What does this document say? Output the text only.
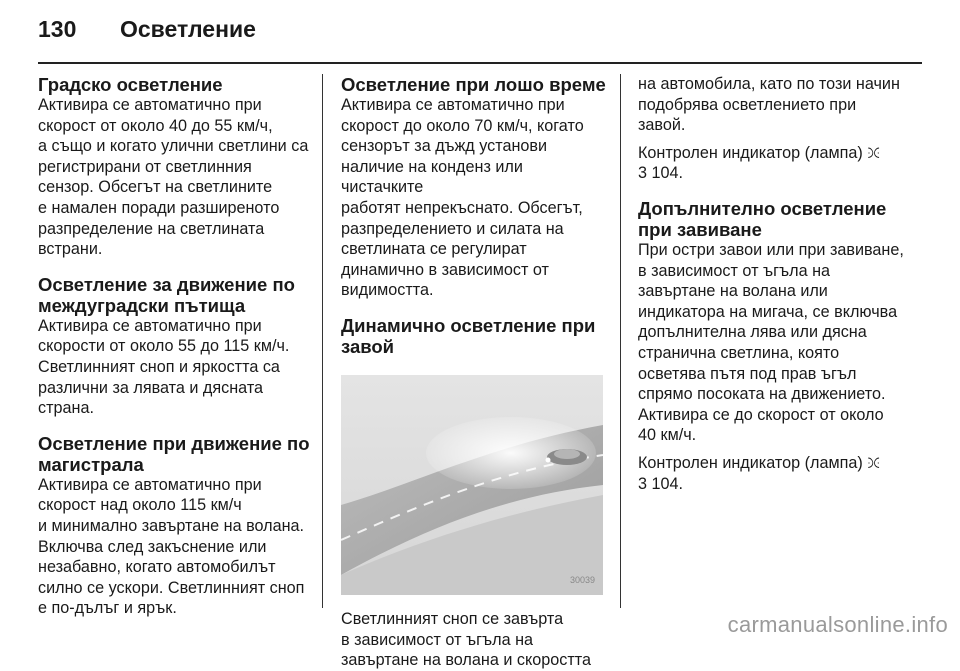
130	Осветление
Градско осветление

Активира се автоматично при

скорост от около 40 до 55 км/ч,

а също и когато улични светлини са

регистрирани от светлинния

сензор. Обсегът на светлините

е намален поради разширеното

разпределение на светлината

встрани.

Осветление за движение по
междуградски пътища

Активира се автоматично при

скорости от около 55 до 115 км/ч.

Светлинният сноп и яркостта са

различни за лявата и дясната

страна.

Осветление при движение по
магистрала

Активира се автоматично при

скорост над около 115 км/ч

и минимално завъртане на волана.

Включва след закъснение или

незабавно, когато автомобилът

силно се ускори. Светлинният сноп

е по-дълъг и ярък.

Осветление при лошо време

Активира се автоматично при

скорост до около 70 км/ч, когато

сензорът за дъжд установи

наличие на конденз или чистачките

работят непрекъснато. Обсегът,

разпределението и силата на

светлината се регулират

динамично в зависимост от

видимостта.

Динамично осветление при
завой
30039

Светлинният сноп се завърта

в зависимост от ъгъла на

завъртане на волана и скоростта

на автомобила, като по този начин

подобрява осветлението при

завой.

Контролен индикатор (лампа) ꖻ

3 104.

Допълнително осветление
при завиване

При остри завои или при завиване,

в зависимост от ъгъла на

завъртане на волана или

индикатора на мигача, се включва

допълнителна лява или дясна

странична светлина, която

осветява пътя под прав ъгъл

спрямо посоката на движението.

Активира се до скорост от около

40 км/ч.

Контролен индикатор (лампа) ꖻ

3 104.

carmanualsonline.info
